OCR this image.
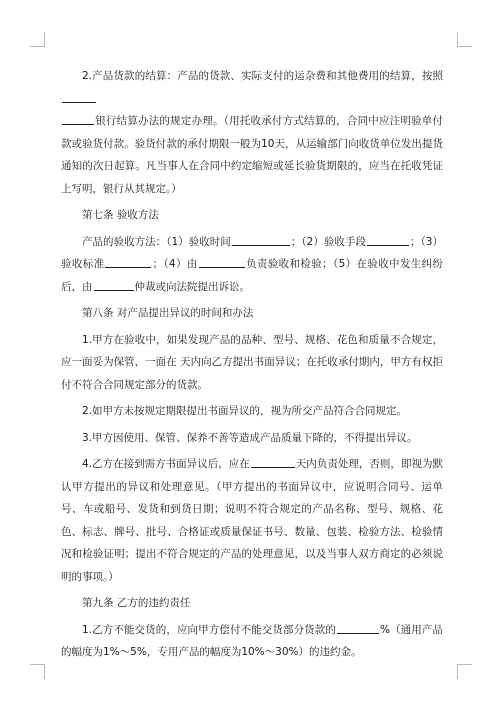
2.产品货款的结算：产品的货款、实际支付的运杂费和其他费用的结算，按照
银行结算办法的规定办理。（用托收承付方式结算的，合同中应注明验单付款或验货付款。验货付款的承付期限一般为10天，从运输部门向收货单位发出提货通知的次日起算。凡当事人在合同中约定缩短或延长验货期限的，应当在托收凭证上写明，银行从其规定。）

第七条 验收方法

产品的验收方法：（1）验收时间	；（2）验收手段	；（3）验收标准	；（4）由	负责验收和检验；（5）在验收中发生纠纷后，由	仲裁或向法院提出诉讼。

第八条 对产品提出异议的时间和办法

1.甲方在验收中，如果发现产品的品种、型号、规格、花色和质量不合规定，应一面妥为保管，一面在 天内向乙方提出书面异议；在托收承付期内，甲方有权拒付不符合合同规定部分的货款。

2.如甲方未按规定期限提出书面异议的，视为所交产品符合合同规定。

3.甲方因使用、保管、保养不善等造成产品质量下降的，不得提出异议。

4.乙方在接到需方书面异议后，应在	天内负责处理，否则，即视为默认甲方提出的异议和处理意见。（甲方提出的书面异议中，应说明合同号、运单号、车或船号、发货和到货日期；说明不符合规定的产品名称、型号、规格、花色、标志、牌号、批号、合格证或质量保证书号、数量、包装、检验方法、检验情况和检验证明；提出不符合规定的产品的处理意见，以及当事人双方商定的必须说明的事项。）

第九条 乙方的违约责任

1.乙方不能交货的，应向甲方偿付不能交货部分货款的	%（通用产品的幅度为1%～5%，专用产品的幅度为10%～30%）的违约金。
